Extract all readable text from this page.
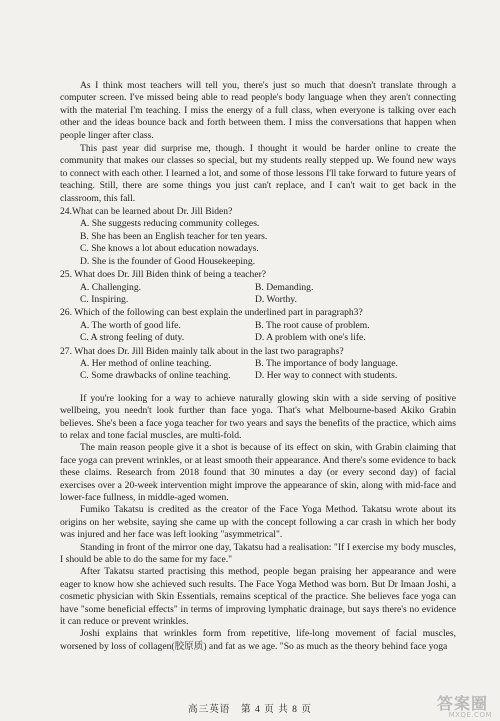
As I think most teachers will tell you, there's just so much that doesn't translate through a computer screen. I've missed being able to read people's body language when they aren't connecting with the material I'm teaching. I miss the energy of a full class, when everyone is talking over each other and the ideas bounce back and forth between them. I miss the conversations that happen when people linger after class.

This past year did surprise me, though. I thought it would be harder online to create the community that makes our classes so special, but my students really stepped up. We found new ways to connect with each other. I learned a lot, and some of those lessons I'll take forward to future years of teaching. Still, there are some things you just can't replace, and I can't wait to get back in the classroom, this fall.

24.What can be learned about Dr. Jill Biden?

A. She suggests reducing community colleges.

B. She has been an English teacher for ten years.

C. She knows a lot about education nowadays.

D. She is the founder of Good Housekeeping.

25. What does Dr. Jill Biden think of being a teacher?

A. Challenging.	B. Demanding.
C. Inspiring.	D. Worthy.

26. Which of the following can best explain the underlined part in paragraph3?

A. The worth of good life.	B. The root cause of problem.
C. A strong feeling of duty.	D. A problem with one's life.

27. What does Dr. Jill Biden mainly talk about in the last two paragraphs?

A. Her method of online teaching.	B. The importance of body language.
C. Some drawbacks of online teaching.	D. Her way to connect with students.

If you're looking for a way to achieve naturally glowing skin with a side serving of positive wellbeing, you needn't look further than face yoga. That's what Melbourne-based Akiko Grabin believes. She's been a face yoga teacher for two years and says the benefits of the practice, which aims to relax and tone facial muscles, are multi-fold.

The main reason people give it a shot is because of its effect on skin, with Grabin claiming that face yoga can prevent wrinkles, or at least smooth their appearance. And there's some evidence to back these claims. Research from 2018 found that 30 minutes a day (or every second day) of facial exercises over a 20-week intervention might improve the appearance of skin, along with mid-face and lower-face fullness, in middle-aged women.

Fumiko Takatsu is credited as the creator of the Face Yoga Method. Takatsu wrote about its origins on her website, saying she came up with the concept following a car crash in which her body was injured and her face was left looking "asymmetrical".

Standing in front of the mirror one day, Takatsu had a realisation: "If I exercise my body muscles, I should be able to do the same for my face."

After Takatsu started practising this method, people began praising her appearance and were eager to know how she achieved such results. The Face Yoga Method was born. But Dr Imaan Joshi, a cosmetic physician with Skin Essentials, remains sceptical of the practice. She believes face yoga can have "some beneficial effects" in terms of improving lymphatic drainage, but says there's no evidence it can reduce or prevent wrinkles.

Joshi explains that wrinkles form from repetitive, life-long movement of facial muscles, worsened by loss of collagen(胶原质) and fat as we age. "So as much as the theory behind face yoga

高三英语　第 4 页 共 8 页	答案圈
MXQE.COM
